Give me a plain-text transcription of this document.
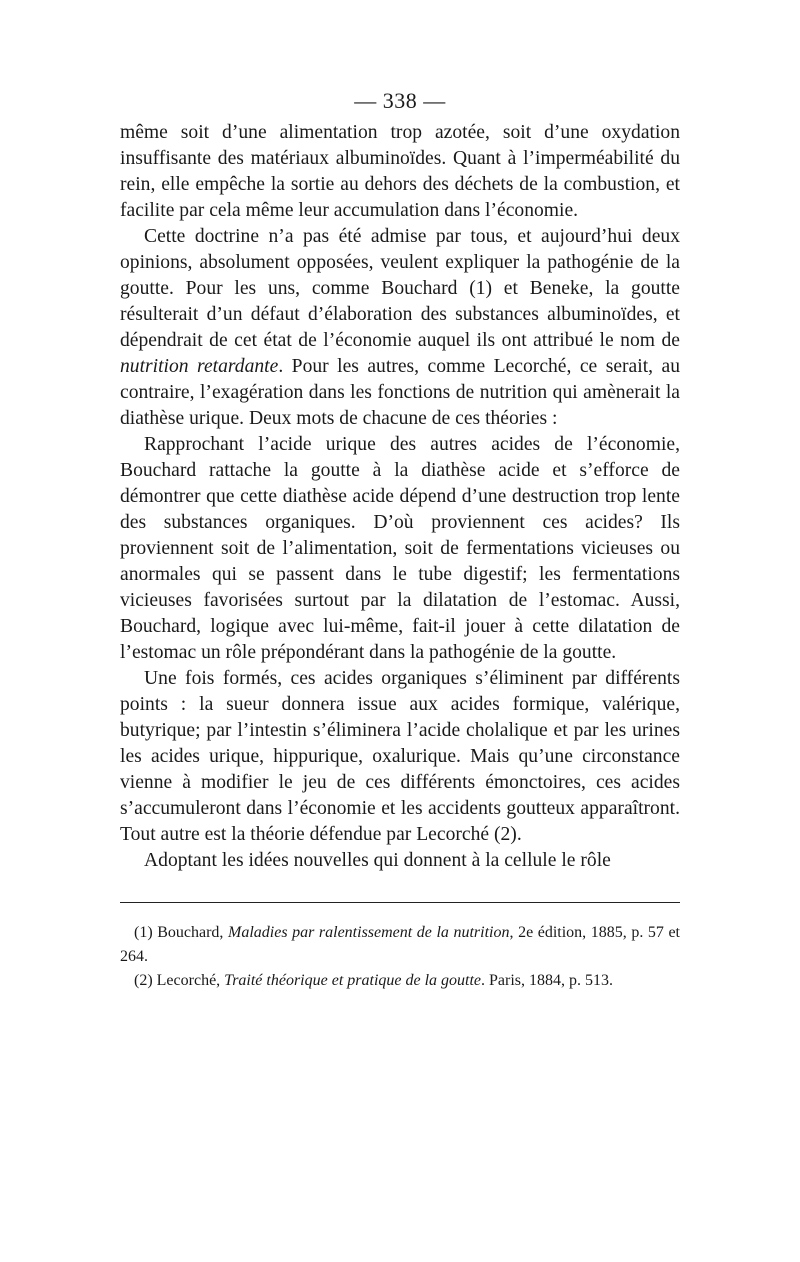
— 338 —

même soit d’une alimentation trop azotée, soit d’une oxydation insuffisante des matériaux albuminoïdes. Quant à l’imperméabilité du rein, elle empêche la sortie au dehors des déchets de la combustion, et facilite par cela même leur accumulation dans l’économie.

Cette doctrine n’a pas été admise par tous, et aujourd’hui deux opinions, absolument opposées, veulent expliquer la pathogénie de la goutte. Pour les uns, comme Bouchard (1) et Beneke, la goutte résulterait d’un défaut d’élaboration des substances albuminoïdes, et dépendrait de cet état de l’économie auquel ils ont attribué le nom de nutrition retardante. Pour les autres, comme Lecorché, ce serait, au contraire, l’exagération dans les fonctions de nutrition qui amènerait la diathèse urique. Deux mots de chacune de ces théories :

Rapprochant l’acide urique des autres acides de l’économie, Bouchard rattache la goutte à la diathèse acide et s’efforce de démontrer que cette diathèse acide dépend d’une destruction trop lente des substances organiques. D’où proviennent ces acides? Ils proviennent soit de l’alimentation, soit de fermentations vicieuses ou anormales qui se passent dans le tube digestif; les fermentations vicieuses favorisées surtout par la dilatation de l’estomac. Aussi, Bouchard, logique avec lui-même, fait-il jouer à cette dilatation de l’estomac un rôle prépondérant dans la pathogénie de la goutte.

Une fois formés, ces acides organiques s’éliminent par différents points : la sueur donnera issue aux acides formique, valérique, butyrique; par l’intestin s’éliminera l’acide cholalique et par les urines les acides urique, hippurique, oxalurique. Mais qu’une circonstance vienne à modifier le jeu de ces différents émonctoires, ces acides s’accumuleront dans l’économie et les accidents goutteux apparaîtront. Tout autre est la théorie défendue par Lecorché (2).

Adoptant les idées nouvelles qui donnent à la cellule le rôle

(1) Bouchard, Maladies par ralentissement de la nutrition, 2e édition, 1885, p. 57 et 264.

(2) Lecorché, Traité théorique et pratique de la goutte. Paris, 1884, p. 513.
